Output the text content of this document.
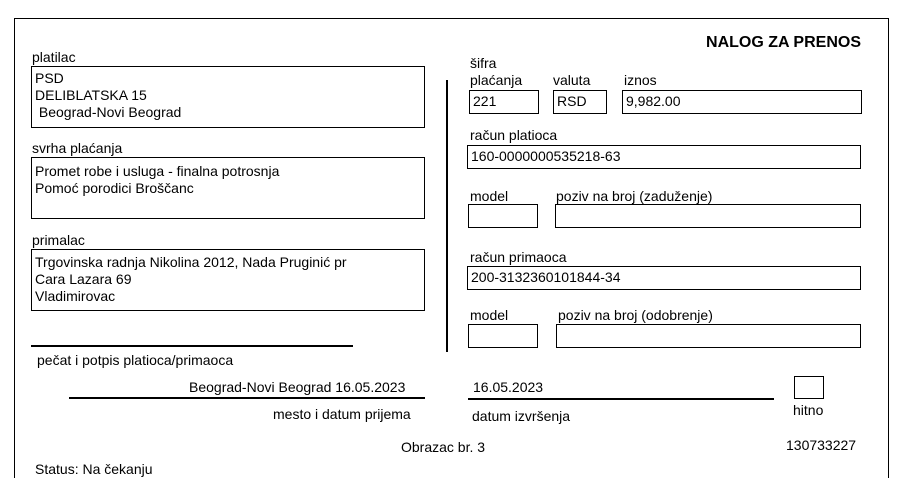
NALOG ZA PRENOS
platilac
PSD
DELIBLATSKA 15
Beograd-Novi Beograd
svrha plaćanja
Promet robe i usluga - finalna potrosnja
Pomoć porodici Broščanc
primalac
Trgovinska radnja Nikolina 2012, Nada Pruginić pr
Cara Lazara 69
Vladimirovac
pečat i potpis platioca/primaoca
Beograd-Novi Beograd 16.05.2023
mesto i datum prijema
šifra
plaćanja valuta iznos
221	RSD	9,982.00
račun platioca
160-0000000535218-63
model	poziv na broj (zaduženje)
račun primaoca
200-3132360101844-34
model	poziv na broj (odobrenje)
16.05.2023
datum izvršenja	hitno
Obrazac br. 3	130733227
Status: Na čekanju
